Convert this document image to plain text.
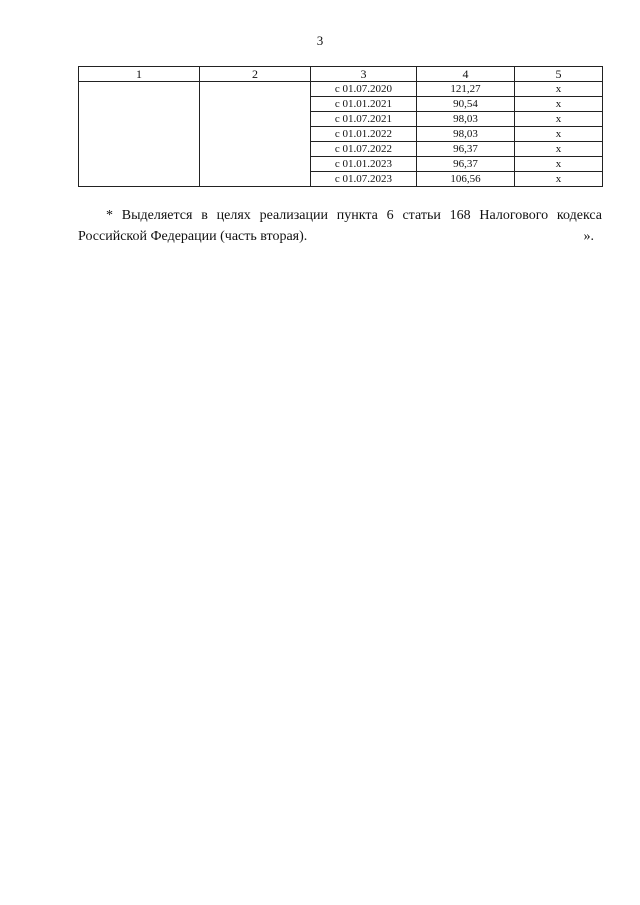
3
1	2	3	4	5
		с 01.07.2020	121,27	х
		с 01.01.2021	90,54	х
		с 01.07.2021	98,03	х
		с 01.01.2022	98,03	х
		с 01.07.2022	96,37	х
		с 01.01.2023	96,37	х
		с 01.07.2023	106,56	х
* Выделяется в целях реализации пункта 6 статьи 168 Налогового кодекса
Российской Федерации (часть вторая).	».
